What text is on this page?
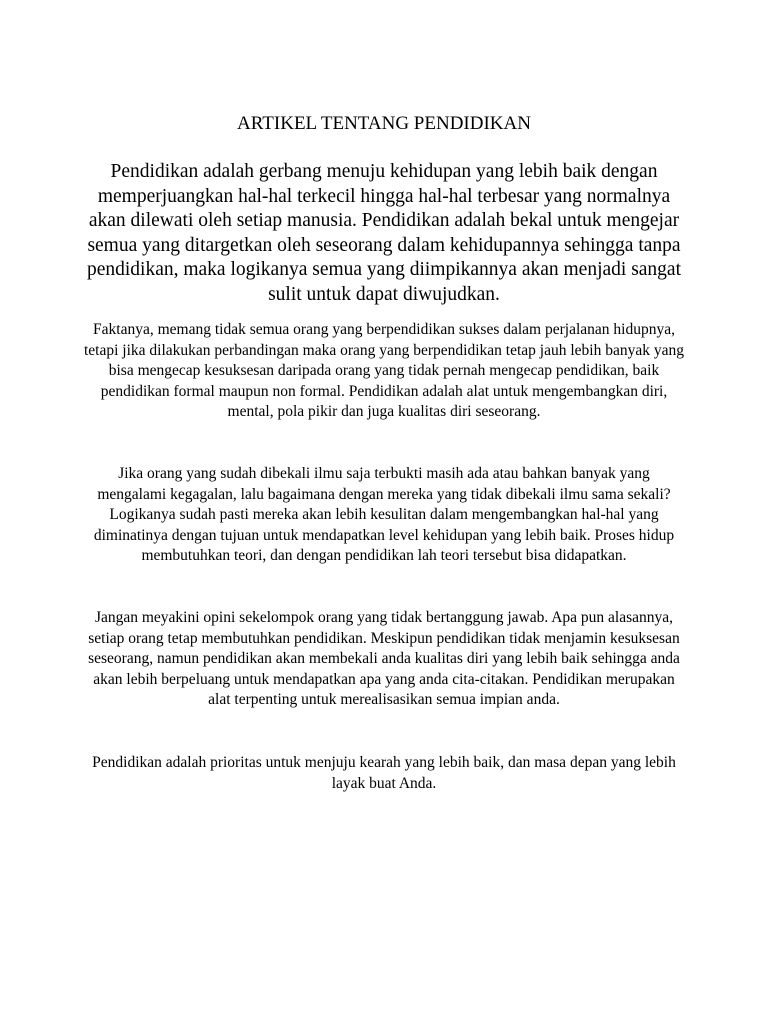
ARTIKEL TENTANG PENDIDIKAN

Pendidikan adalah gerbang menuju kehidupan yang lebih baik dengan memperjuangkan hal-hal terkecil hingga hal-hal terbesar yang normalnya akan dilewati oleh setiap manusia. Pendidikan adalah bekal untuk mengejar semua yang ditargetkan oleh seseorang dalam kehidupannya sehingga tanpa pendidikan, maka logikanya semua yang diimpikannya akan menjadi sangat sulit untuk dapat diwujudkan.

Faktanya, memang tidak semua orang yang berpendidikan sukses dalam perjalanan hidupnya, tetapi jika dilakukan perbandingan maka orang yang berpendidikan tetap jauh lebih banyak yang bisa mengecap kesuksesan daripada orang yang tidak pernah mengecap pendidikan, baik pendidikan formal maupun non formal. Pendidikan adalah alat untuk mengembangkan diri, mental, pola pikir dan juga kualitas diri seseorang.

Jika orang yang sudah dibekali ilmu saja terbukti masih ada atau bahkan banyak yang mengalami kegagalan, lalu bagaimana dengan mereka yang tidak dibekali ilmu sama sekali? Logikanya sudah pasti mereka akan lebih kesulitan dalam mengembangkan hal-hal yang diminatinya dengan tujuan untuk mendapatkan level kehidupan yang lebih baik. Proses hidup membutuhkan teori, dan dengan pendidikan lah teori tersebut bisa didapatkan.

Jangan meyakini opini sekelompok orang yang tidak bertanggung jawab. Apa pun alasannya, setiap orang tetap membutuhkan pendidikan. Meskipun pendidikan tidak menjamin kesuksesan seseorang, namun pendidikan akan membekali anda kualitas diri yang lebih baik sehingga anda akan lebih berpeluang untuk mendapatkan apa yang anda cita-citakan. Pendidikan merupakan alat terpenting untuk merealisasikan semua impian anda.

Pendidikan adalah prioritas untuk menjuju kearah yang lebih baik, dan masa depan yang lebih layak buat Anda.
